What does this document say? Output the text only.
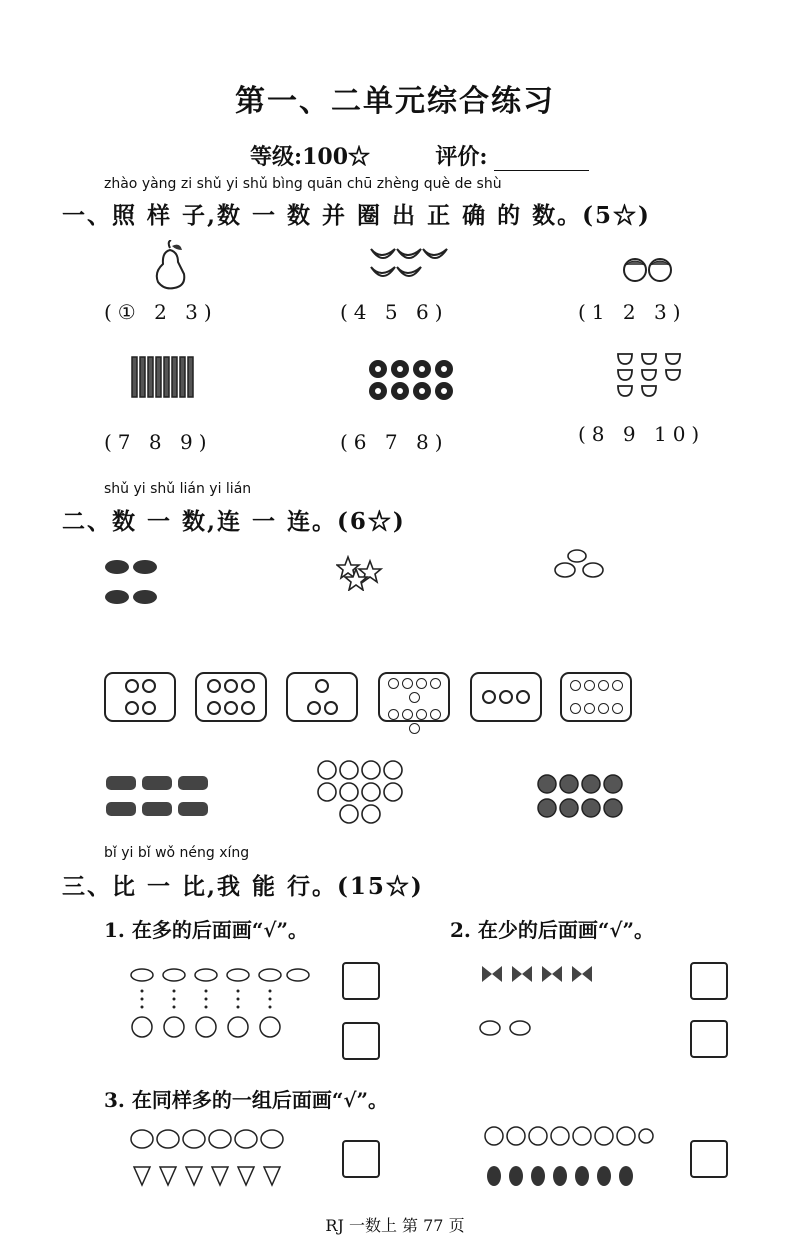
第一、二单元综合练习
等级:100☆	评价:
zhào yàng zi shǔ yi shǔ bìng quān chū zhèng què de shù
一、照 样 子,数 一 数 并 圈 出 正 确 的 数。(5☆)
(① 2 3)	(4 5 6)	(1 2 3)
(7 8 9)	(6 7 8)	(8 9 10)
shǔ yi shǔ lián yi lián
二、数 一 数,连 一 连。(6☆)
bǐ yi bǐ wǒ néng xíng
三、比 一 比,我 能 行。(15☆)
1. 在多的后面画“√”。	2. 在少的后面画“√”。
3. 在同样多的一组后面画“√”。
RJ 一数上 第 77 页
